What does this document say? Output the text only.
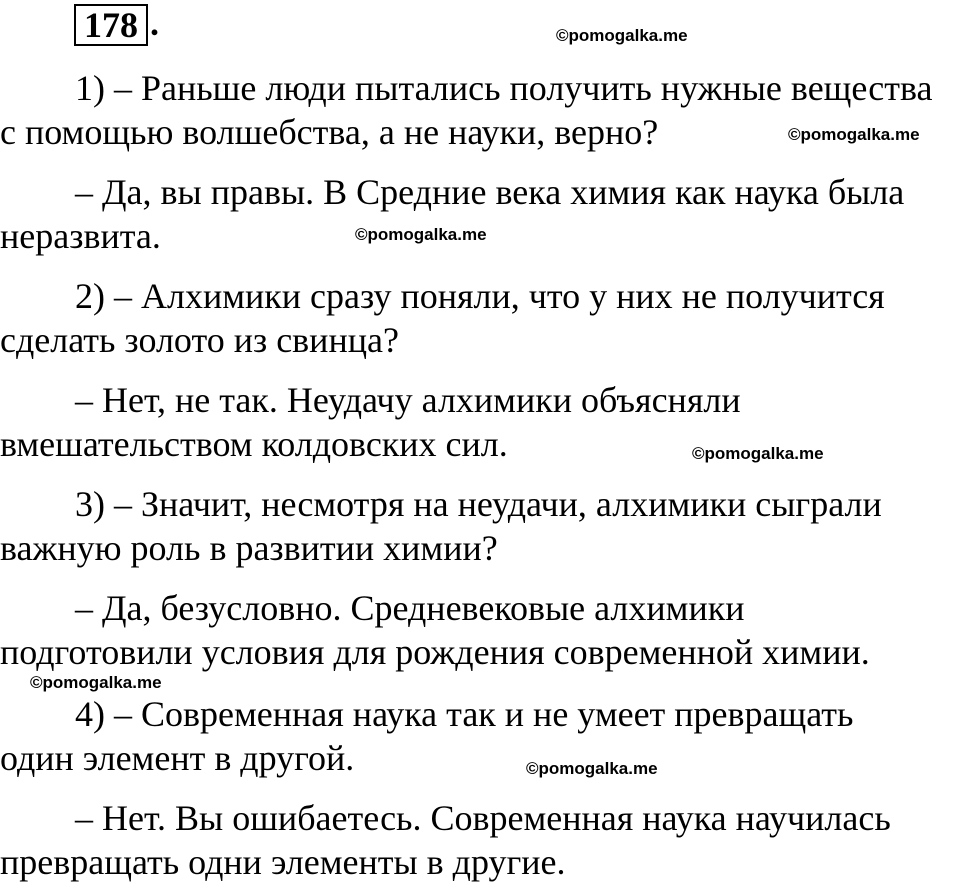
178 .
1) – Раньше люди пытались получить нужные вещества
с помощью волшебства, а не науки, верно?
– Да, вы правы. В Средние века химия как наука была
неразвита.
2) – Алхимики сразу поняли, что у них не получится
сделать золото из свинца?
– Нет, не так. Неудачу алхимики объясняли
вмешательством колдовских сил.
3) – Значит, несмотря на неудачи, алхимики сыграли
важную роль в развитии химии?
– Да, безусловно. Средневековые алхимики
подготовили условия для рождения современной химии.
4) – Современная наука так и не умеет превращать
один элемент в другой.
– Нет. Вы ошибаетесь. Современная наука научилась
превращать одни элементы в другие.
©pomogalka.me
©pomogalka.me
©pomogalka.me
©pomogalka.me
©pomogalka.me
©pomogalka.me
